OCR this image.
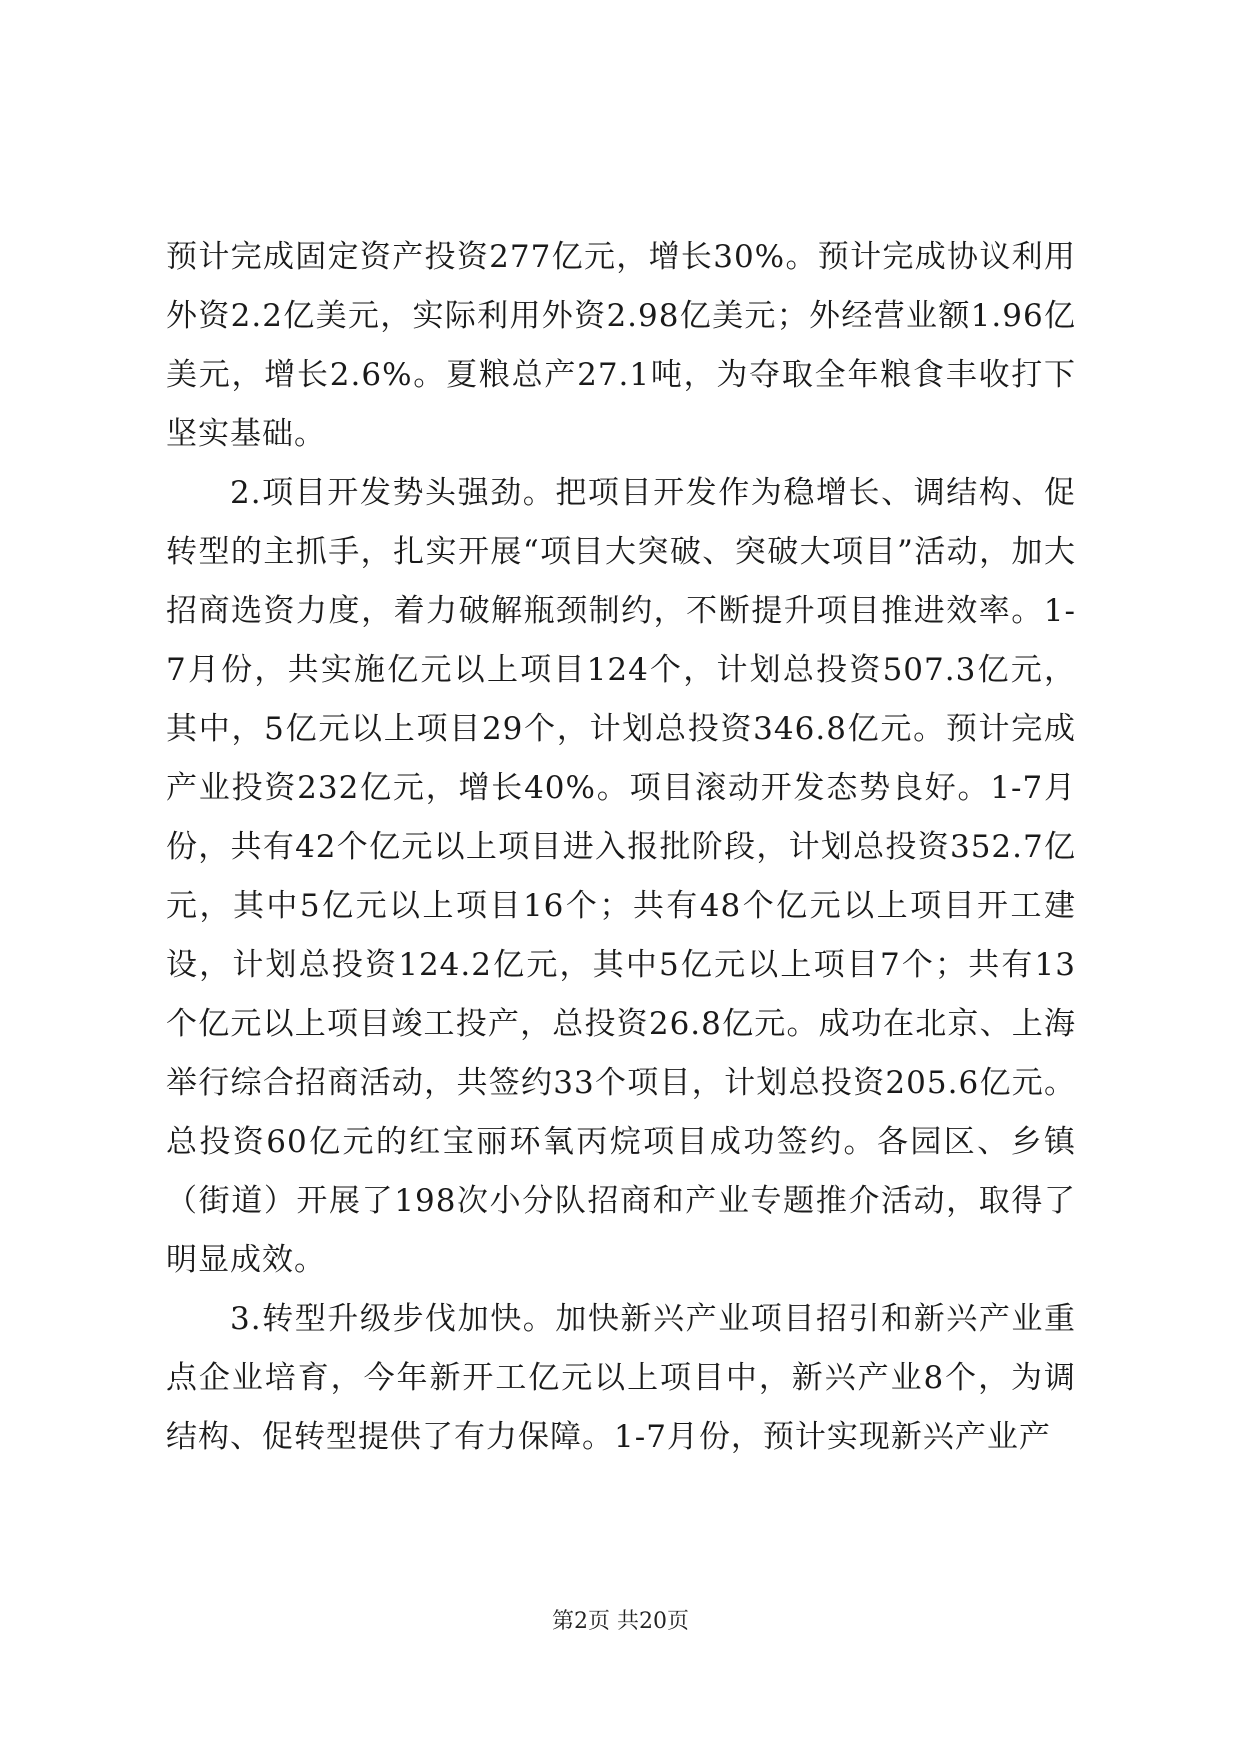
预计完成固定资产投资277亿元，增长30%。预计完成协议利用外资2.2亿美元，实际利用外资2.98亿美元；外经营业额1.96亿美元，增长2.6%。夏粮总产27.1吨，为夺取全年粮食丰收打下坚实基础。

2.项目开发势头强劲。把项目开发作为稳增长、调结构、促转型的主抓手，扎实开展“项目大突破、突破大项目”活动，加大招商选资力度，着力破解瓶颈制约，不断提升项目推进效率。1-7月份，共实施亿元以上项目124个，计划总投资507.3亿元，其中，5亿元以上项目29个，计划总投资346.8亿元。预计完成产业投资232亿元，增长40%。项目滚动开发态势良好。1-7月份，共有42个亿元以上项目进入报批阶段，计划总投资352.7亿元，其中5亿元以上项目16个；共有48个亿元以上项目开工建设，计划总投资124.2亿元，其中5亿元以上项目7个；共有13个亿元以上项目竣工投产，总投资26.8亿元。成功在北京、上海举行综合招商活动，共签约33个项目，计划总投资205.6亿元。总投资60亿元的红宝丽环氧丙烷项目成功签约。各园区、乡镇（街道）开展了198次小分队招商和产业专题推介活动，取得了明显成效。

3.转型升级步伐加快。加快新兴产业项目招引和新兴产业重点企业培育，今年新开工亿元以上项目中，新兴产业8个，为调结构、促转型提供了有力保障。1-7月份，预计实现新兴产业产

第2页 共20页
